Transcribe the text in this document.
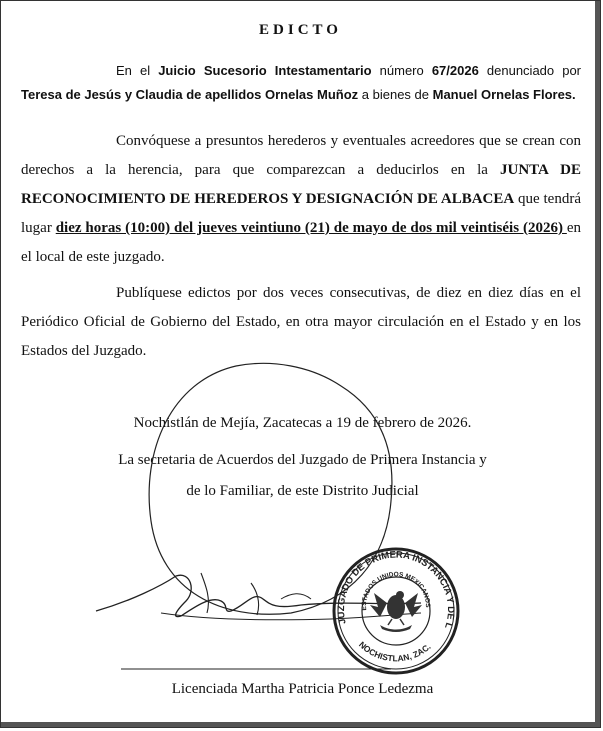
EDICTO
En el Juicio Sucesorio Intestamentario número 67/2026 denunciado por Teresa de Jesús y Claudia de apellidos Ornelas Muñoz a bienes de Manuel Ornelas Flores.
Convóquese a presuntos herederos y eventuales acreedores que se crean con derechos a la herencia, para que comparezcan a deducirlos en la JUNTA DE RECONOCIMIENTO DE HEREDEROS Y DESIGNACIÓN DE ALBACEA que tendrá lugar diez horas (10:00) del jueves veintiuno (21) de mayo de dos mil veintiséis (2026) en el local de este juzgado.
Publíquese edictos por dos veces consecutivas, de diez en diez días en el Periódico Oficial de Gobierno del Estado, en otra mayor circulación en el Estado y en los Estados del Juzgado.
Nochistlán de Mejía, Zacatecas a 19 de febrero de 2026.
La secretaria de Acuerdos del Juzgado de Primera Instancia y
de lo Familiar, de este Distrito Judicial
JUZGADO DE PRIMERA INSTANCIA Y DE L
ESTADOS UNIDOS MEXICANOS
NOCHISTLAN, ZAC.
Licenciada Martha Patricia Ponce Ledezma
